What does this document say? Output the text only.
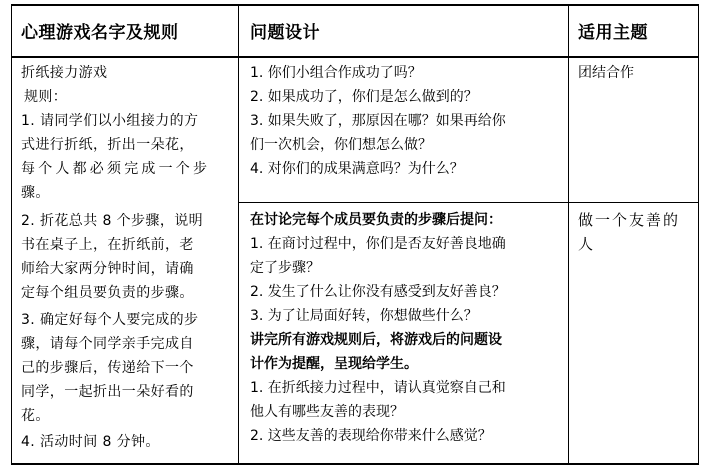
心理游戏名字及规则	问题设计	适用主题
折纸接力游戏
规则：
1. 请同学们以小组接力的方
式进行折纸，折出一朵花，
每个人都必须完成一个步
骤。
2. 折花总共 8 个步骤，说明
书在桌子上，在折纸前，老
师给大家两分钟时间，请确
定每个组员要负责的步骤。
3. 确定好每个人要完成的步
骤，请每个同学亲手完成自
己的步骤后，传递给下一个
同学，一起折出一朵好看的
花。
4. 活动时间 8 分钟。
1. 你们小组合作成功了吗？
2. 如果成功了，你们是怎么做到的？
3. 如果失败了，那原因在哪？如果再给你
们一次机会，你们想怎么做？
4. 对你们的成果满意吗？为什么？
团结合作
在讨论完每个成员要负责的步骤后提问：
1. 在商讨过程中，你们是否友好善良地确
定了步骤？
2. 发生了什么让你没有感受到友好善良？
3. 为了让局面好转，你想做些什么？
讲完所有游戏规则后，将游戏后的问题设
计作为提醒，呈现给学生。
1. 在折纸接力过程中，请认真觉察自己和
他人有哪些友善的表现？
2. 这些友善的表现给你带来什么感觉？
做一个友善的
人
